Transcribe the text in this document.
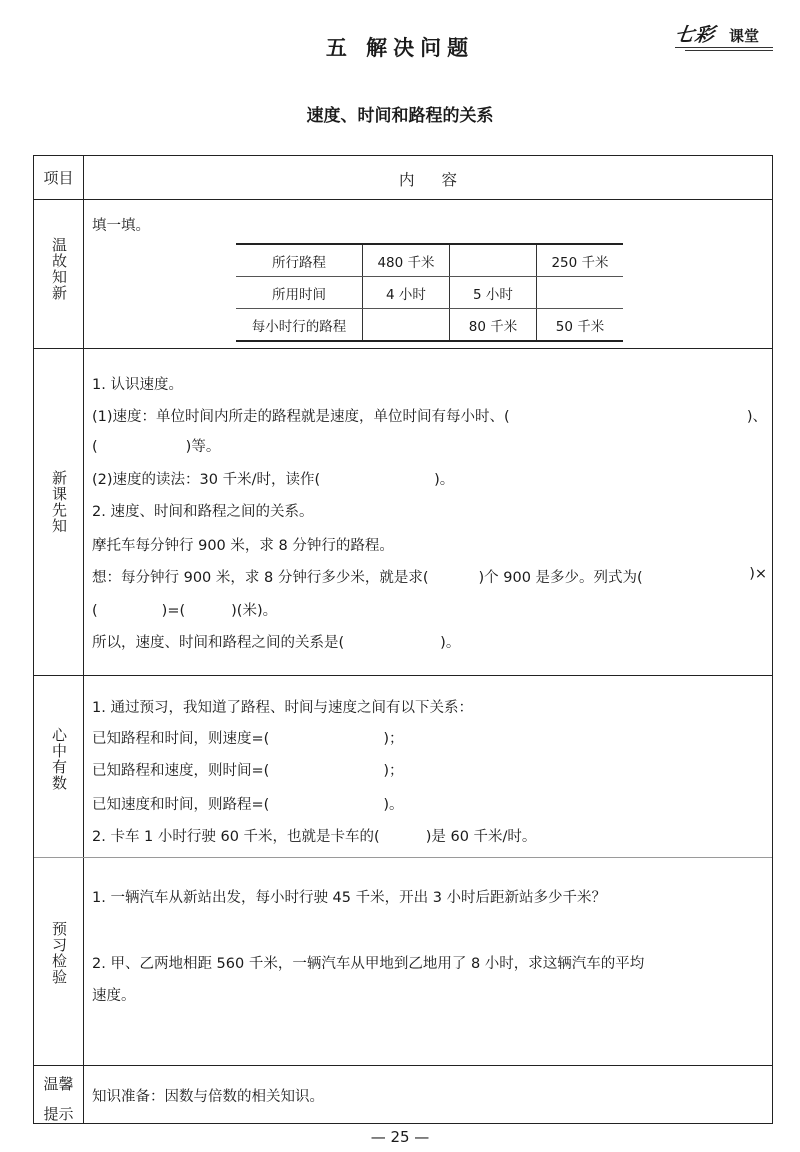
五 解决问题
七彩 课堂
速度、时间和路程的关系
项目	内 容
温故知新
填一填。
所行路程	480 千米		250 千米
所用时间	4 小时	5 小时	
每小时行的路程		80 千米	50 千米
新课先知
1. 认识速度。
(1)速度：单位时间内所走的路程就是速度，单位时间有每小时、(	)、
(	)等。
(2)速度的读法：30 千米/时，读作(	)。
2. 速度、时间和路程之间的关系。
摩托车每分钟行 900 米，求 8 分钟行的路程。
想：每分钟行 900 米，求 8 分钟行多少米，就是求(	)个 900 是多少。列式为(	)×
(	)=(	)(米)。
所以，速度、时间和路程之间的关系是(	)。
心中有数
1. 通过预习，我知道了路程、时间与速度之间有以下关系：
已知路程和时间，则速度=(	)；
已知路程和速度，则时间=(	)；
已知速度和时间，则路程=(	)。
2. 卡车 1 小时行驶 60 千米，也就是卡车的(	)是 60 千米/时。
预习检验
1. 一辆汽车从新站出发，每小时行驶 45 千米，开出 3 小时后距新站多少千米？
2. 甲、乙两地相距 560 千米，一辆汽车从甲地到乙地用了 8 小时，求这辆汽车的平均
速度。
温馨
提示
知识准备：因数与倍数的相关知识。
— 25 —
